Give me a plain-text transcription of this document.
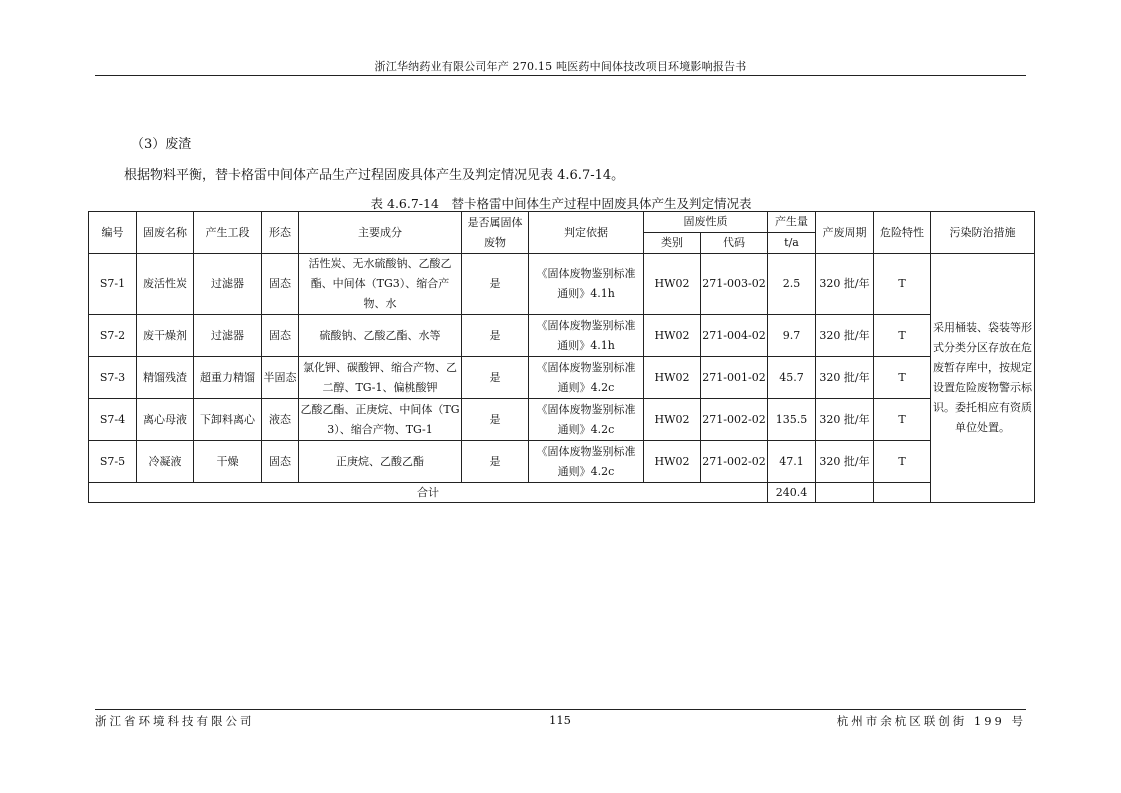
浙江华纳药业有限公司年产 270.15 吨医药中间体技改项目环境影响报告书
（3）废渣
根据物料平衡，替卡格雷中间体产品生产过程固废具体产生及判定情况见表 4.6.7-14。
表 4.6.7-14　替卡格雷中间体生产过程中固废具体产生及判定情况表
编号	固废名称	产生工段	形态	主要成分	是否属固体废物	判定依据	固废性质		产生量	产废周期	危险特性	污染防治措施
							类别	代码	t/a			
S7-1	废活性炭	过滤器	固态	活性炭、无水硫酸钠、乙酸乙酯、中间体（TG3）、缩合产物、水	是	《固体废物鉴别标准 通则》4.1h	HW02	271-003-02	2.5	320 批/年	T	采用桶装、袋装等形式分类分区存放在危废暂存库中，按规定设置危险废物警示标识。委托相应有资质单位处置。
S7-2	废干燥剂	过滤器	固态	硫酸钠、乙酸乙酯、水等	是	《固体废物鉴别标准 通则》4.1h	HW02	271-004-02	9.7	320 批/年	T	
S7-3	精馏残渣	超重力精馏	半固态	氯化钾、碳酸钾、缩合产物、乙二醇、TG-1、偏桃酸钾	是	《固体废物鉴别标准 通则》4.2c	HW02	271-001-02	45.7	320 批/年	T	
S7-4	离心母液	下卸料离心	液态	乙酸乙酯、正庚烷、中间体（TG3）、缩合产物、TG-1	是	《固体废物鉴别标准 通则》4.2c	HW02	271-002-02	135.5	320 批/年	T	
S7-5	冷凝液	干燥	固态	正庚烷、乙酸乙酯	是	《固体废物鉴别标准 通则》4.2c	HW02	271-002-02	47.1	320 批/年	T	
合计									240.4			
浙江省环境科技有限公司	115	杭州市余杭区联创街 199 号
